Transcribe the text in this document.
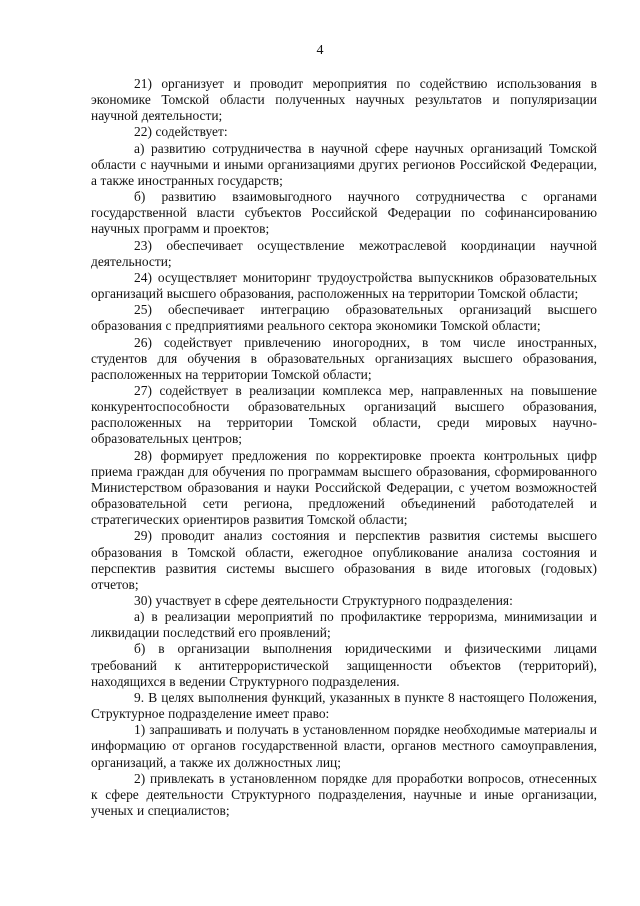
4

21) организует и проводит мероприятия по содействию использования в экономике Томской области полученных научных результатов и популяризации научной деятельности;

22) содействует:

а) развитию сотрудничества в научной сфере научных организаций Томской области с научными и иными организациями других регионов Российской Федерации, а также иностранных государств;

б) развитию взаимовыгодного научного сотрудничества с органами государственной власти субъектов Российской Федерации по софинансированию научных программ и проектов;

23) обеспечивает осуществление межотраслевой координации научной деятельности;

24) осуществляет мониторинг трудоустройства выпускников образовательных организаций высшего образования, расположенных на территории Томской области;

25) обеспечивает интеграцию образовательных организаций высшего образования с предприятиями реального сектора экономики Томской области;

26) содействует привлечению иногородних, в том числе иностранных, студентов для обучения в образовательных организациях высшего образования, расположенных на территории Томской области;

27) содействует в реализации комплекса мер, направленных на повышение конкурентоспособности образовательных организаций высшего образования, расположенных на территории Томской области, среди мировых научно-образовательных центров;

28) формирует предложения по корректировке проекта контрольных цифр приема граждан для обучения по программам высшего образования, сформированного Министерством образования и науки Российской Федерации, с учетом возможностей образовательной сети региона, предложений объединений работодателей и стратегических ориентиров развития Томской области;

29) проводит анализ состояния и перспектив развития системы высшего образования в Томской области, ежегодное опубликование анализа состояния и перспектив развития системы высшего образования в виде итоговых (годовых) отчетов;

30) участвует в сфере деятельности Структурного подразделения:

а) в реализации мероприятий по профилактике терроризма, минимизации и ликвидации последствий его проявлений;

б) в организации выполнения юридическими и физическими лицами требований к антитеррористической защищенности объектов (территорий), находящихся в ведении Структурного подразделения.

9. В целях выполнения функций, указанных в пункте 8 настоящего Положения, Структурное подразделение имеет право:

1) запрашивать и получать в установленном порядке необходимые материалы и информацию от органов государственной власти, органов местного самоуправления, организаций, а также их должностных лиц;

2) привлекать в установленном порядке для проработки вопросов, отнесенных к сфере деятельности Структурного подразделения, научные и иные организации, ученых и специалистов;
